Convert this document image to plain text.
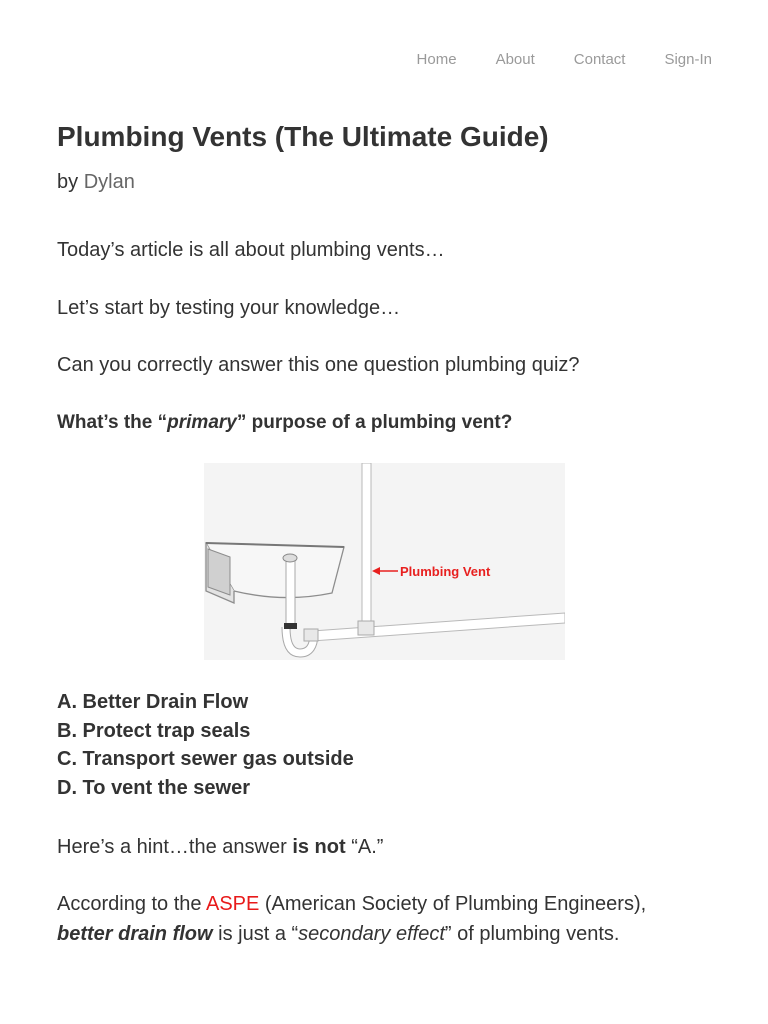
Home	About	Contact	Sign-In
Plumbing Vents (The Ultimate Guide)
by Dylan

Today’s article is all about plumbing vents…

Let’s start by testing your knowledge…

Can you correctly answer this one question plumbing quiz?

What’s the “primary” purpose of a plumbing vent?

Plumbing Vent
A. Better Drain Flow
B. Protect trap seals
C. Transport sewer gas outside
D. To vent the sewer

Here’s a hint…the answer is not “A.”

According to the ASPE (American Society of Plumbing Engineers),
better drain flow is just a “secondary effect” of plumbing vents.
